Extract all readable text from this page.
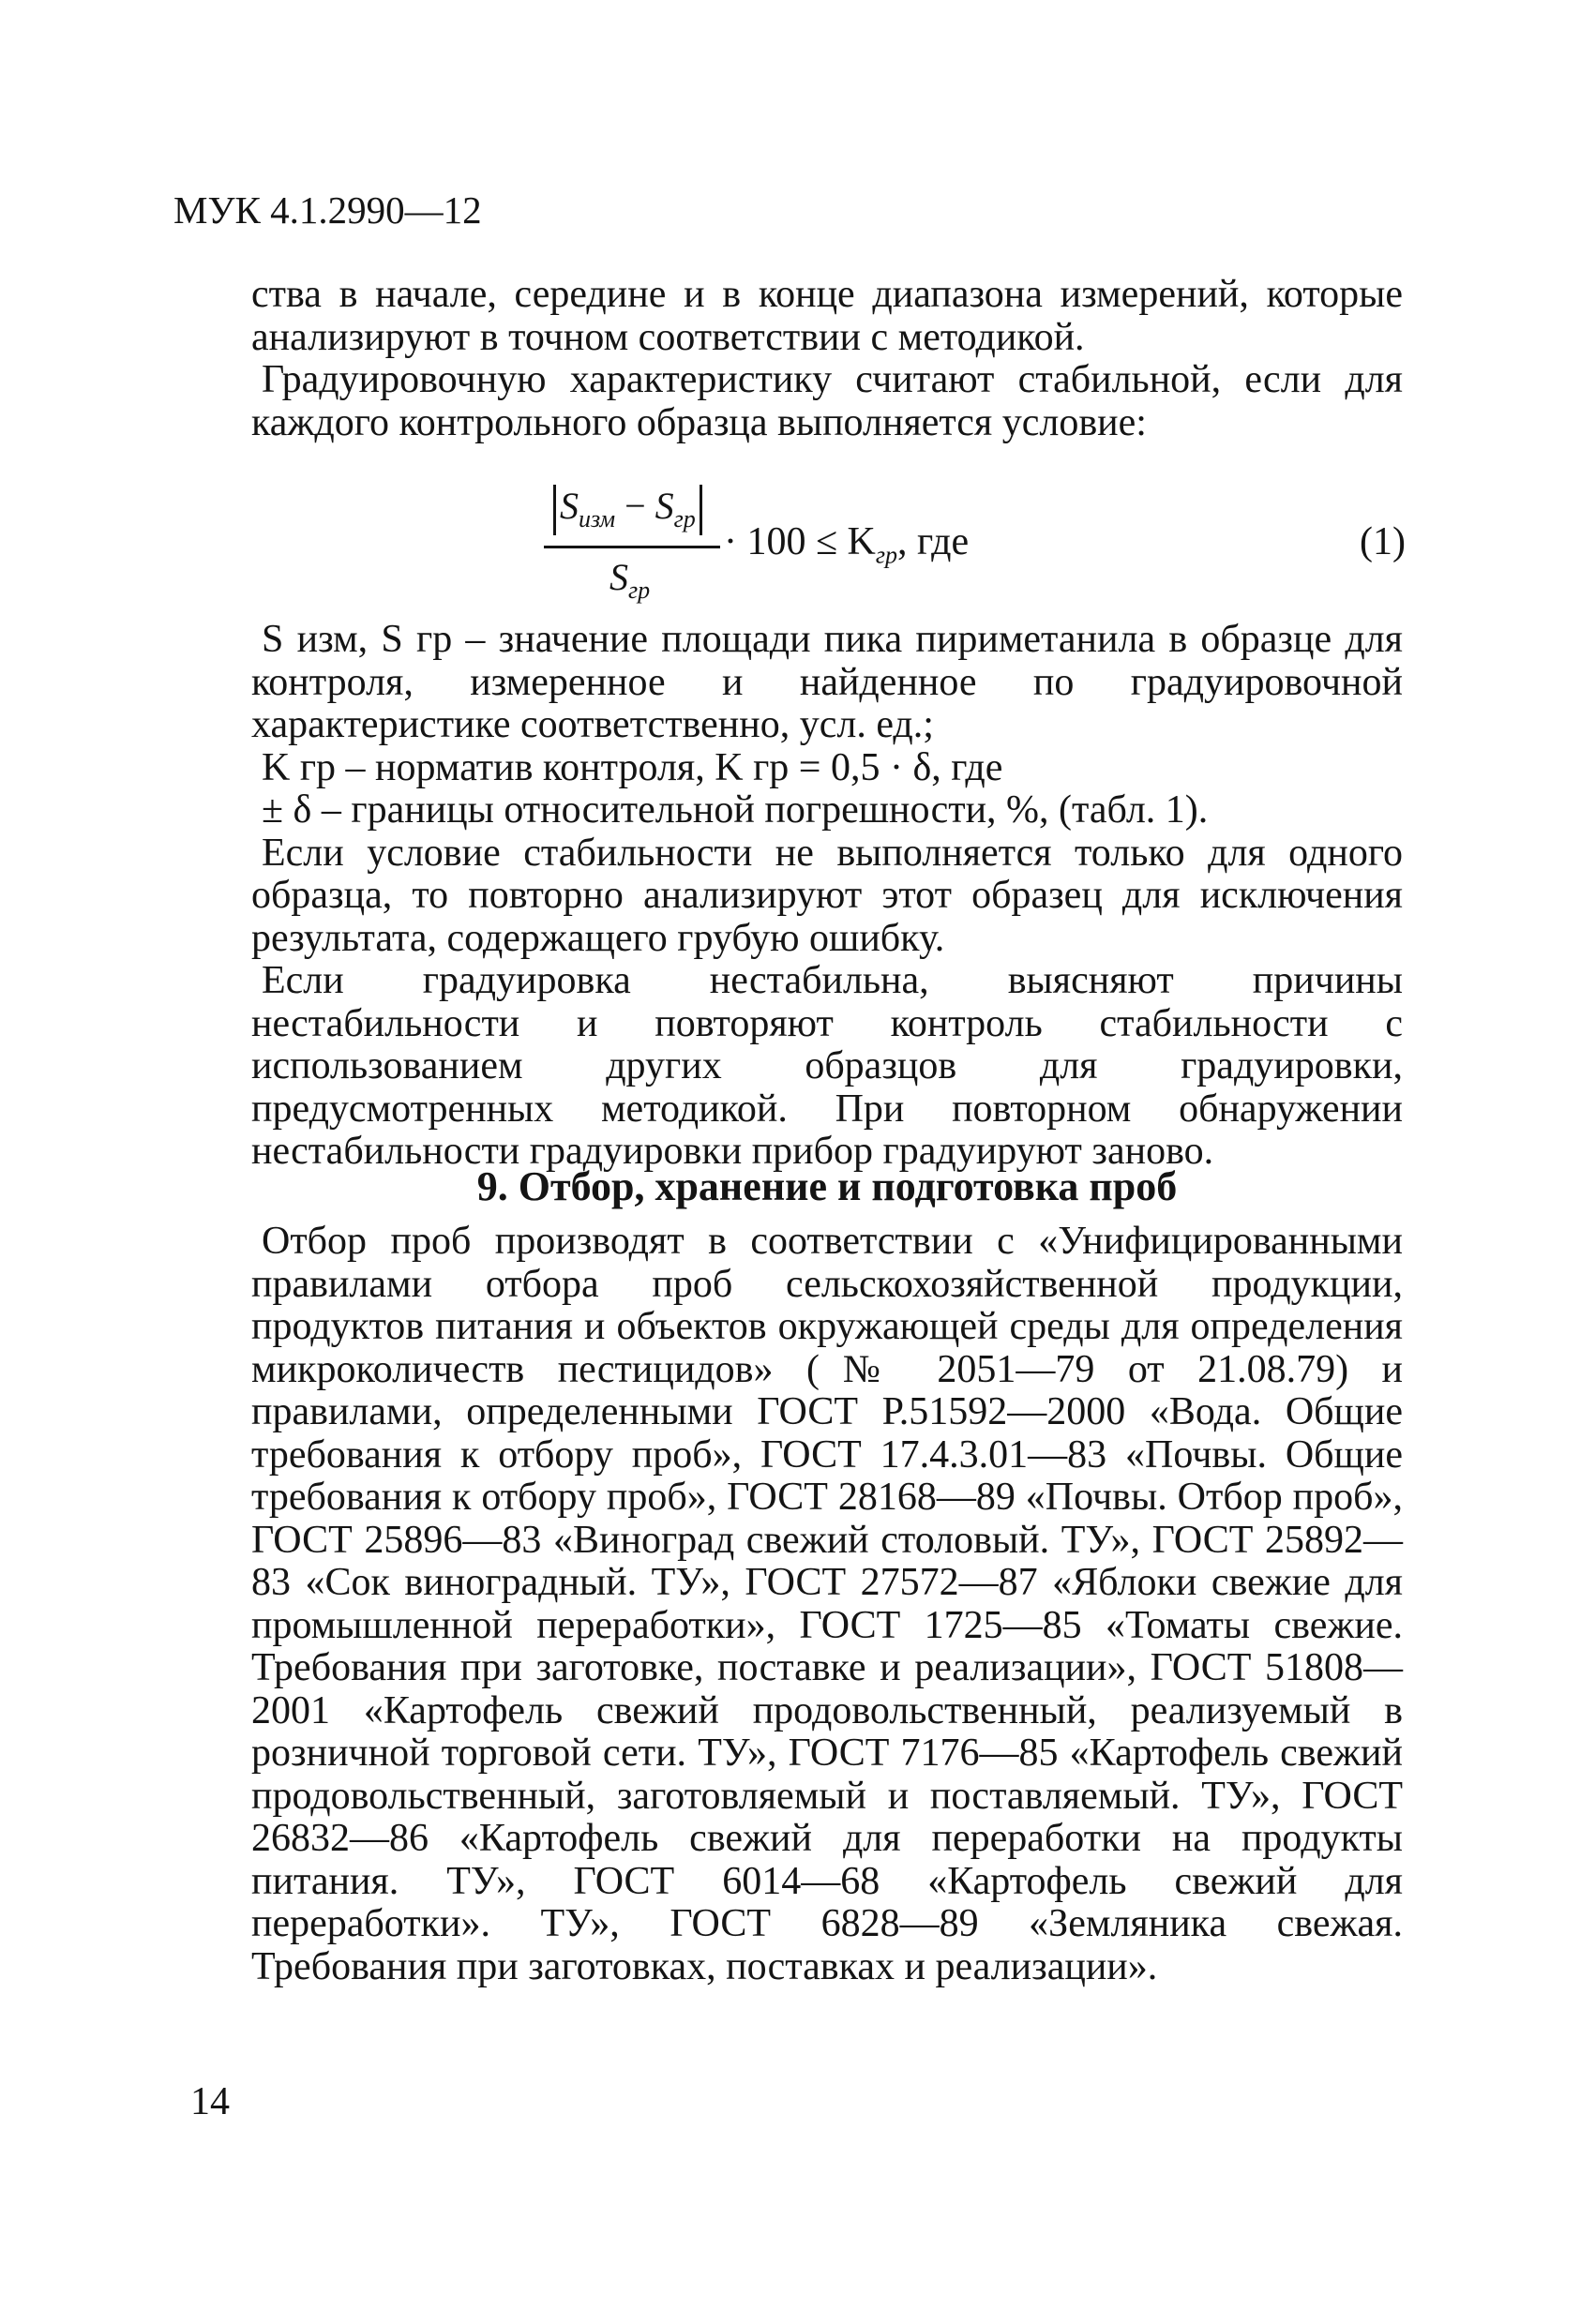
МУК 4.1.2990—12

ства в начале, середине и в конце диапазона измерений, которые анализируют в точном соответствии с методикой.

Градуировочную характеристику считают стабильной, если для каждого контрольного образца выполняется условие:

$S_{изм} - S_{гр}$
$S_{гр}$
· $100 \le K_{гр}$, где	(1)

S изм, S гр – значение площади пика пириметанила в образце для контроля, измеренное и найденное по градуировочной характеристике соответственно, усл. ед.;

K гр – норматив контроля, K гр = 0,5 · δ, где

± δ – границы относительной погрешности, %, (табл. 1).

Если условие стабильности не выполняется только для одного образца, то повторно анализируют этот образец для исключения результата, содержащего грубую ошибку.

Если градуировка нестабильна, выясняют причины нестабильности и повторяют контроль стабильности с использованием других образцов для градуировки, предусмотренных методикой. При повторном обнаружении нестабильности градуировки прибор градуируют заново.

9. Отбор, хранение и подготовка проб

Отбор проб производят в соответствии с «Унифицированными правилами отбора проб сельскохозяйственной продукции, продуктов питания и объектов окружающей среды для определения микроколичеств пестицидов» (№ 2051—79 от 21.08.79) и правилами, определенными ГОСТ Р.51592—2000 «Вода. Общие требования к отбору проб», ГОСТ 17.4.3.01—83 «Почвы. Общие требования к отбору проб», ГОСТ 28168—89 «Почвы. Отбор проб», ГОСТ 25896—83 «Виноград свежий столовый. ТУ», ГОСТ 25892—83 «Сок виноградный. ТУ», ГОСТ 27572—87 «Яблоки свежие для промышленной переработки», ГОСТ 1725—85 «Томаты свежие. Требования при заготовке, поставке и реализации», ГОСТ 51808—2001 «Картофель свежий продовольственный, реализуемый в розничной торговой сети. ТУ», ГОСТ 7176—85 «Картофель свежий продовольственный, заготовляемый и поставляемый. ТУ», ГОСТ 26832—86 «Картофель свежий для переработки на продукты питания. ТУ», ГОСТ 6014—68 «Картофель свежий для переработки». ТУ», ГОСТ 6828—89 «Земляника свежая. Требования при заготовках, поставках и реализации».

14
